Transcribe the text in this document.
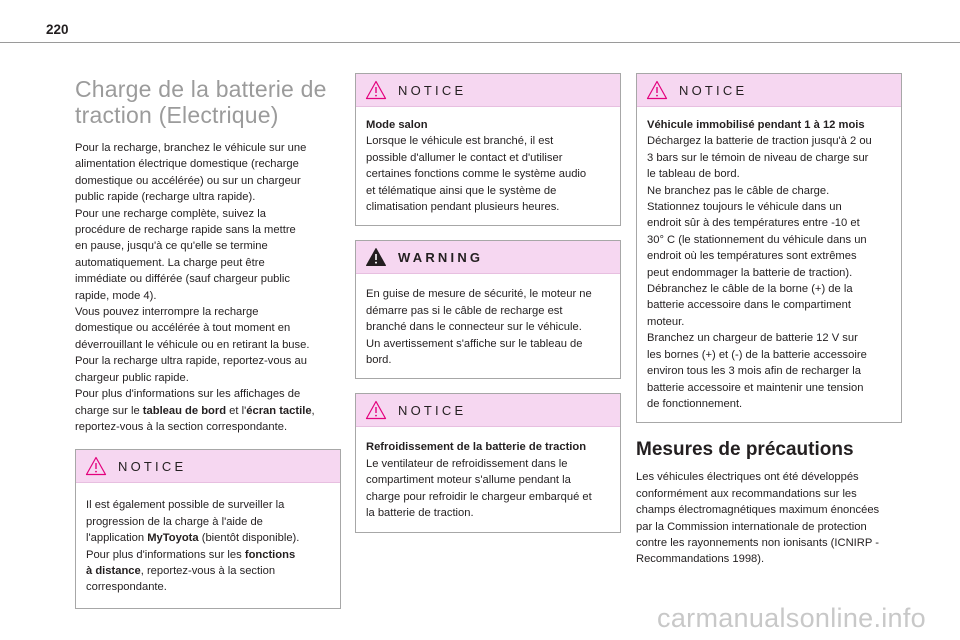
220
Charge de la batterie de
traction (Electrique)

Pour la recharge, branchez le véhicule sur une

alimentation électrique domestique (recharge

domestique ou accélérée) ou sur un chargeur

public rapide (recharge ultra rapide).

Pour une recharge complète, suivez la

procédure de recharge rapide sans la mettre

en pause, jusqu'à ce qu'elle se termine

automatiquement. La charge peut être

immédiate ou différée (sauf chargeur public

rapide, mode 4).

Vous pouvez interrompre la recharge

domestique ou accélérée à tout moment en

déverrouillant le véhicule ou en retirant la buse.

Pour la recharge ultra rapide, reportez-vous au

chargeur public rapide.

Pour plus d'informations sur les affichages de

charge sur le tableau de bord et l'écran tactile,

reportez-vous à la section correspondante.

NOTICE

Il est également possible de surveiller la

progression de la charge à l'aide de

l'application MyToyota (bientôt disponible).

Pour plus d'informations sur les fonctions

à distance, reportez-vous à la section

correspondante.

NOTICE

Mode salon

Lorsque le véhicule est branché, il est

possible d'allumer le contact et d'utiliser

certaines fonctions comme le système audio

et télématique ainsi que le système de

climatisation pendant plusieurs heures.

WARNING

En guise de mesure de sécurité, le moteur ne

démarre pas si le câble de recharge est

branché dans le connecteur sur le véhicule.

Un avertissement s'affiche sur le tableau de

bord.

NOTICE

Refroidissement de la batterie de traction

Le ventilateur de refroidissement dans le

compartiment moteur s'allume pendant la

charge pour refroidir le chargeur embarqué et

la batterie de traction.

NOTICE

Véhicule immobilisé pendant 1 à 12 mois

Déchargez la batterie de traction jusqu'à 2 ou

3 bars sur le témoin de niveau de charge sur

le tableau de bord.

Ne branchez pas le câble de charge.

Stationnez toujours le véhicule dans un

endroit sûr à des températures entre -10 et

30° C (le stationnement du véhicule dans un

endroit où les températures sont extrêmes

peut endommager la batterie de traction).

Débranchez le câble de la borne (+) de la

batterie accessoire dans le compartiment

moteur.

Branchez un chargeur de batterie 12 V sur

les bornes (+) et (-) de la batterie accessoire

environ tous les 3 mois afin de recharger la

batterie accessoire et maintenir une tension

de fonctionnement.

Mesures de précautions

Les véhicules électriques ont été développés

conformément aux recommandations sur les

champs électromagnétiques maximum énoncées

par la Commission internationale de protection

contre les rayonnements non ionisants (ICNIRP -

Recommandations 1998).

carmanualsonline.info
